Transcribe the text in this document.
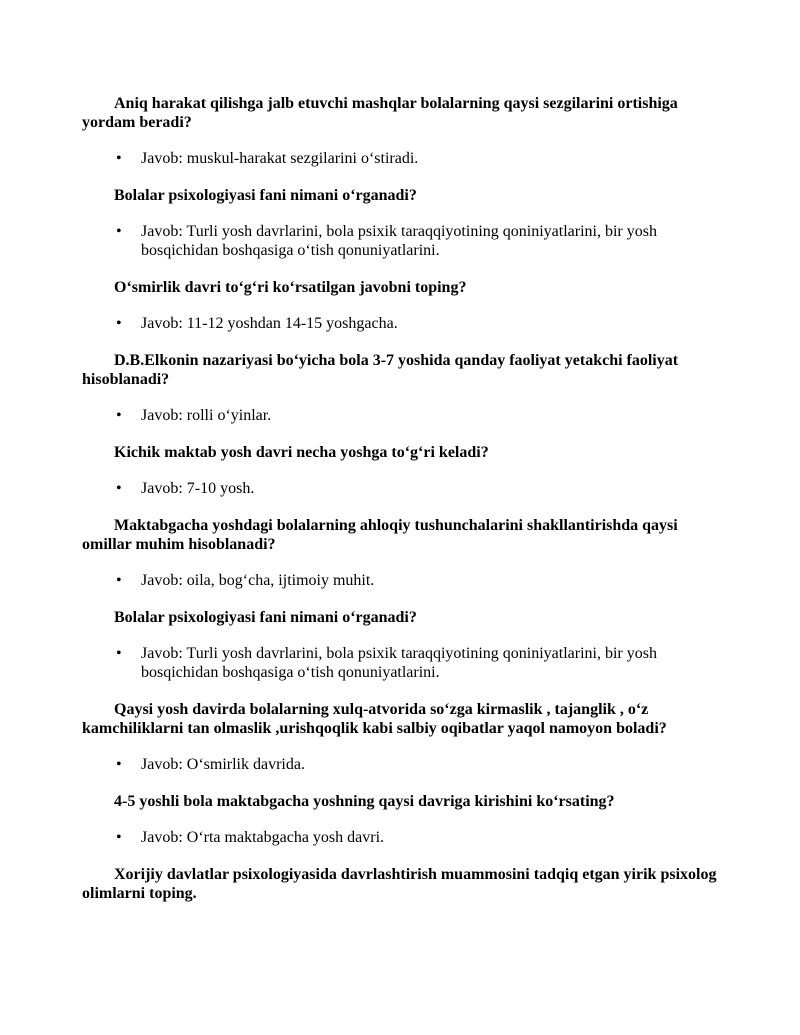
Aniq harakat qilishga jalb etuvchi mashqlar bolalarning qaysi sezgilarini ortishiga yordam beradi?

• Javob: muskul-harakat sezgilarini o‘stiradi.

Bolalar psixologiyasi fani nimani o‘rganadi?

• Javob: Turli yosh davrlarini, bola psixik taraqqiyotining qoniniyatlarini, bir yosh bosqichidan boshqasiga o‘tish qonuniyatlarini.

O‘smirlik davri to‘g‘ri ko‘rsatilgan javobni toping?

• Javob: 11-12 yoshdan 14-15 yoshgacha.

D.B.Elkonin nazariyasi bo‘yicha bola 3-7 yoshida qanday faoliyat yetakchi faoliyat hisoblanadi?

• Javob: rolli o‘yinlar.

Kichik maktab yosh davri necha yoshga to‘g‘ri keladi?

• Javob: 7-10 yosh.

Maktabgacha yoshdagi bolalarning ahloqiy tushunchalarini shakllantirishda qaysi omillar muhim hisoblanadi?

• Javob: oila, bog‘cha, ijtimoiy muhit.

Bolalar psixologiyasi fani nimani o‘rganadi?

• Javob: Turli yosh davrlarini, bola psixik taraqqiyotining qoniniyatlarini, bir yosh bosqichidan boshqasiga o‘tish qonuniyatlarini.

Qaysi yosh davirda bolalarning xulq-atvorida so‘zga kirmaslik , tajanglik , o‘z kamchiliklarni tan olmaslik ,urishqoqlik kabi salbiy oqibatlar yaqol namoyon boladi?

• Javob: O‘smirlik davrida.

4-5 yoshli bola maktabgacha yoshning qaysi davriga kirishini ko‘rsating?

• Javob: O‘rta maktabgacha yosh davri.

Xorijiy davlatlar psixologiyasida davrlashtirish muammosini tadqiq etgan yirik psixolog olimlarni toping.
